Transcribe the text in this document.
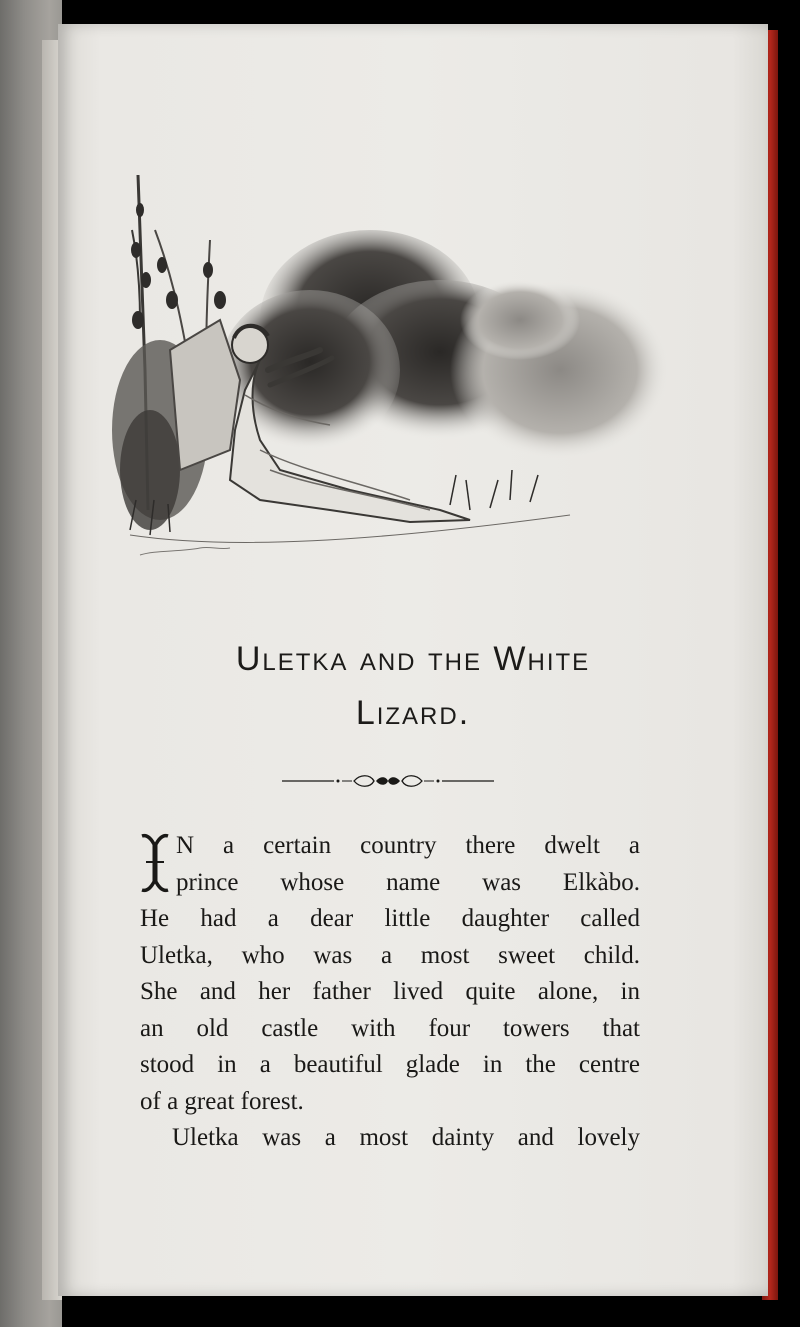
Uletka and the White
Lizard.
N a certain country there dwelt a
prince whose name was Elkàbo.
He had a dear little daughter called
Uletka, who was a most sweet child.
She and her father lived quite alone, in
an old castle with four towers that
stood in a beautiful glade in the centre
of a great forest.
Uletka was a most dainty and lovely
